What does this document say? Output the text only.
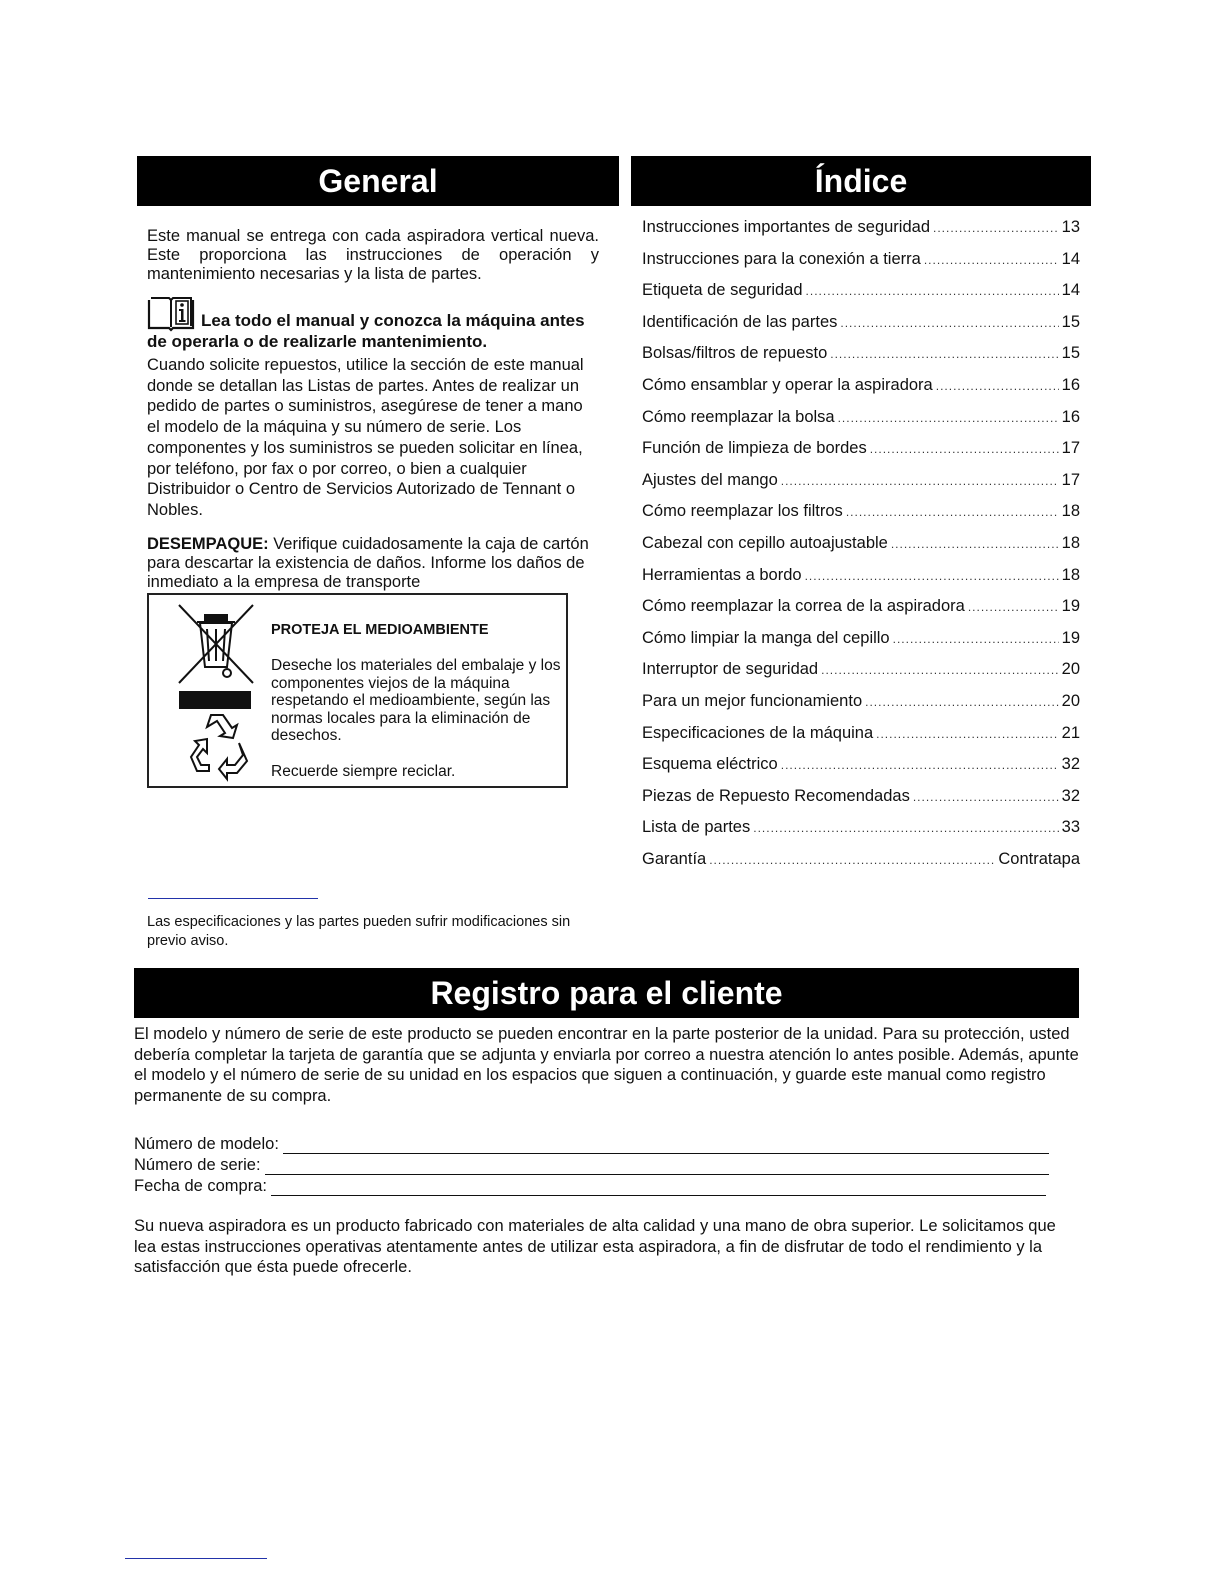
General
Este manual se entrega con cada aspiradora vertical nueva. Este proporciona las instrucciones de operación y mantenimiento necesarias y la lista de partes.
Lea todo el manual y conozca la máquina antes de operarla o de realizarle mantenimiento.
Cuando solicite repuestos, utilice la sección de este manual donde se detallan las Listas de partes. Antes de realizar un pedido de partes o suministros, asegúrese de tener a mano el modelo de la máquina y su número de serie. Los componentes y los suministros se pueden solicitar en línea, por teléfono, por fax o por correo, o bien a cualquier Distribuidor o Centro de Servicios Autorizado de Tennant o Nobles.
DESEMPAQUE: Verifique cuidadosamente la caja de cartón para descartar la existencia de daños. Informe los daños de inmediato a la empresa de transporte
PROTEJA EL MEDIOAMBIENTE
Deseche los materiales del embalaje y los componentes viejos de la máquina respetando el medioambiente, según las normas locales para la eliminación de desechos.
Recuerde siempre reciclar.
Las especificaciones y las partes pueden sufrir modificaciones sin previo aviso.
Índice
Instrucciones importantes de seguridad .....	13
Instrucciones para la conexión a tierra .....	14
Etiqueta de seguridad .....	14
Identificación de las partes .....	15
Bolsas/filtros de repuesto .....	15
Cómo ensamblar y operar la aspiradora .....	16
Cómo reemplazar la bolsa .....	16
Función de limpieza de bordes .....	17
Ajustes del mango .....	17
Cómo reemplazar los filtros .....	18
Cabezal con cepillo autoajustable .....	18
Herramientas a bordo .....	18
Cómo reemplazar la correa de la aspiradora .....	19
Cómo limpiar la manga del cepillo .....	19
Interruptor de seguridad .....	20
Para un mejor funcionamiento .....	20
Especificaciones de la máquina .....	21
Esquema eléctrico .....	32
Piezas de Repuesto Recomendadas .....	32
Lista de partes .....	33
Garantía .....	Contratapa
Registro para el cliente
El modelo y número de serie de este producto se pueden encontrar en la parte posterior de la unidad. Para su protección, usted debería completar la tarjeta de garantía que se adjunta y enviarla por correo a nuestra atención lo antes posible. Además, apunte el modelo y el número de serie de su unidad en los espacios que siguen a continuación, y guarde este manual como registro permanente de su compra.
Número de modelo:
Número de serie:
Fecha de compra:
Su nueva aspiradora es un producto fabricado con materiales de alta calidad y una mano de obra superior. Le solicitamos que lea estas instrucciones operativas atentamente antes de utilizar esta aspiradora, a fin de disfrutar de todo el rendimiento y la satisfacción que ésta puede ofrecerle.
